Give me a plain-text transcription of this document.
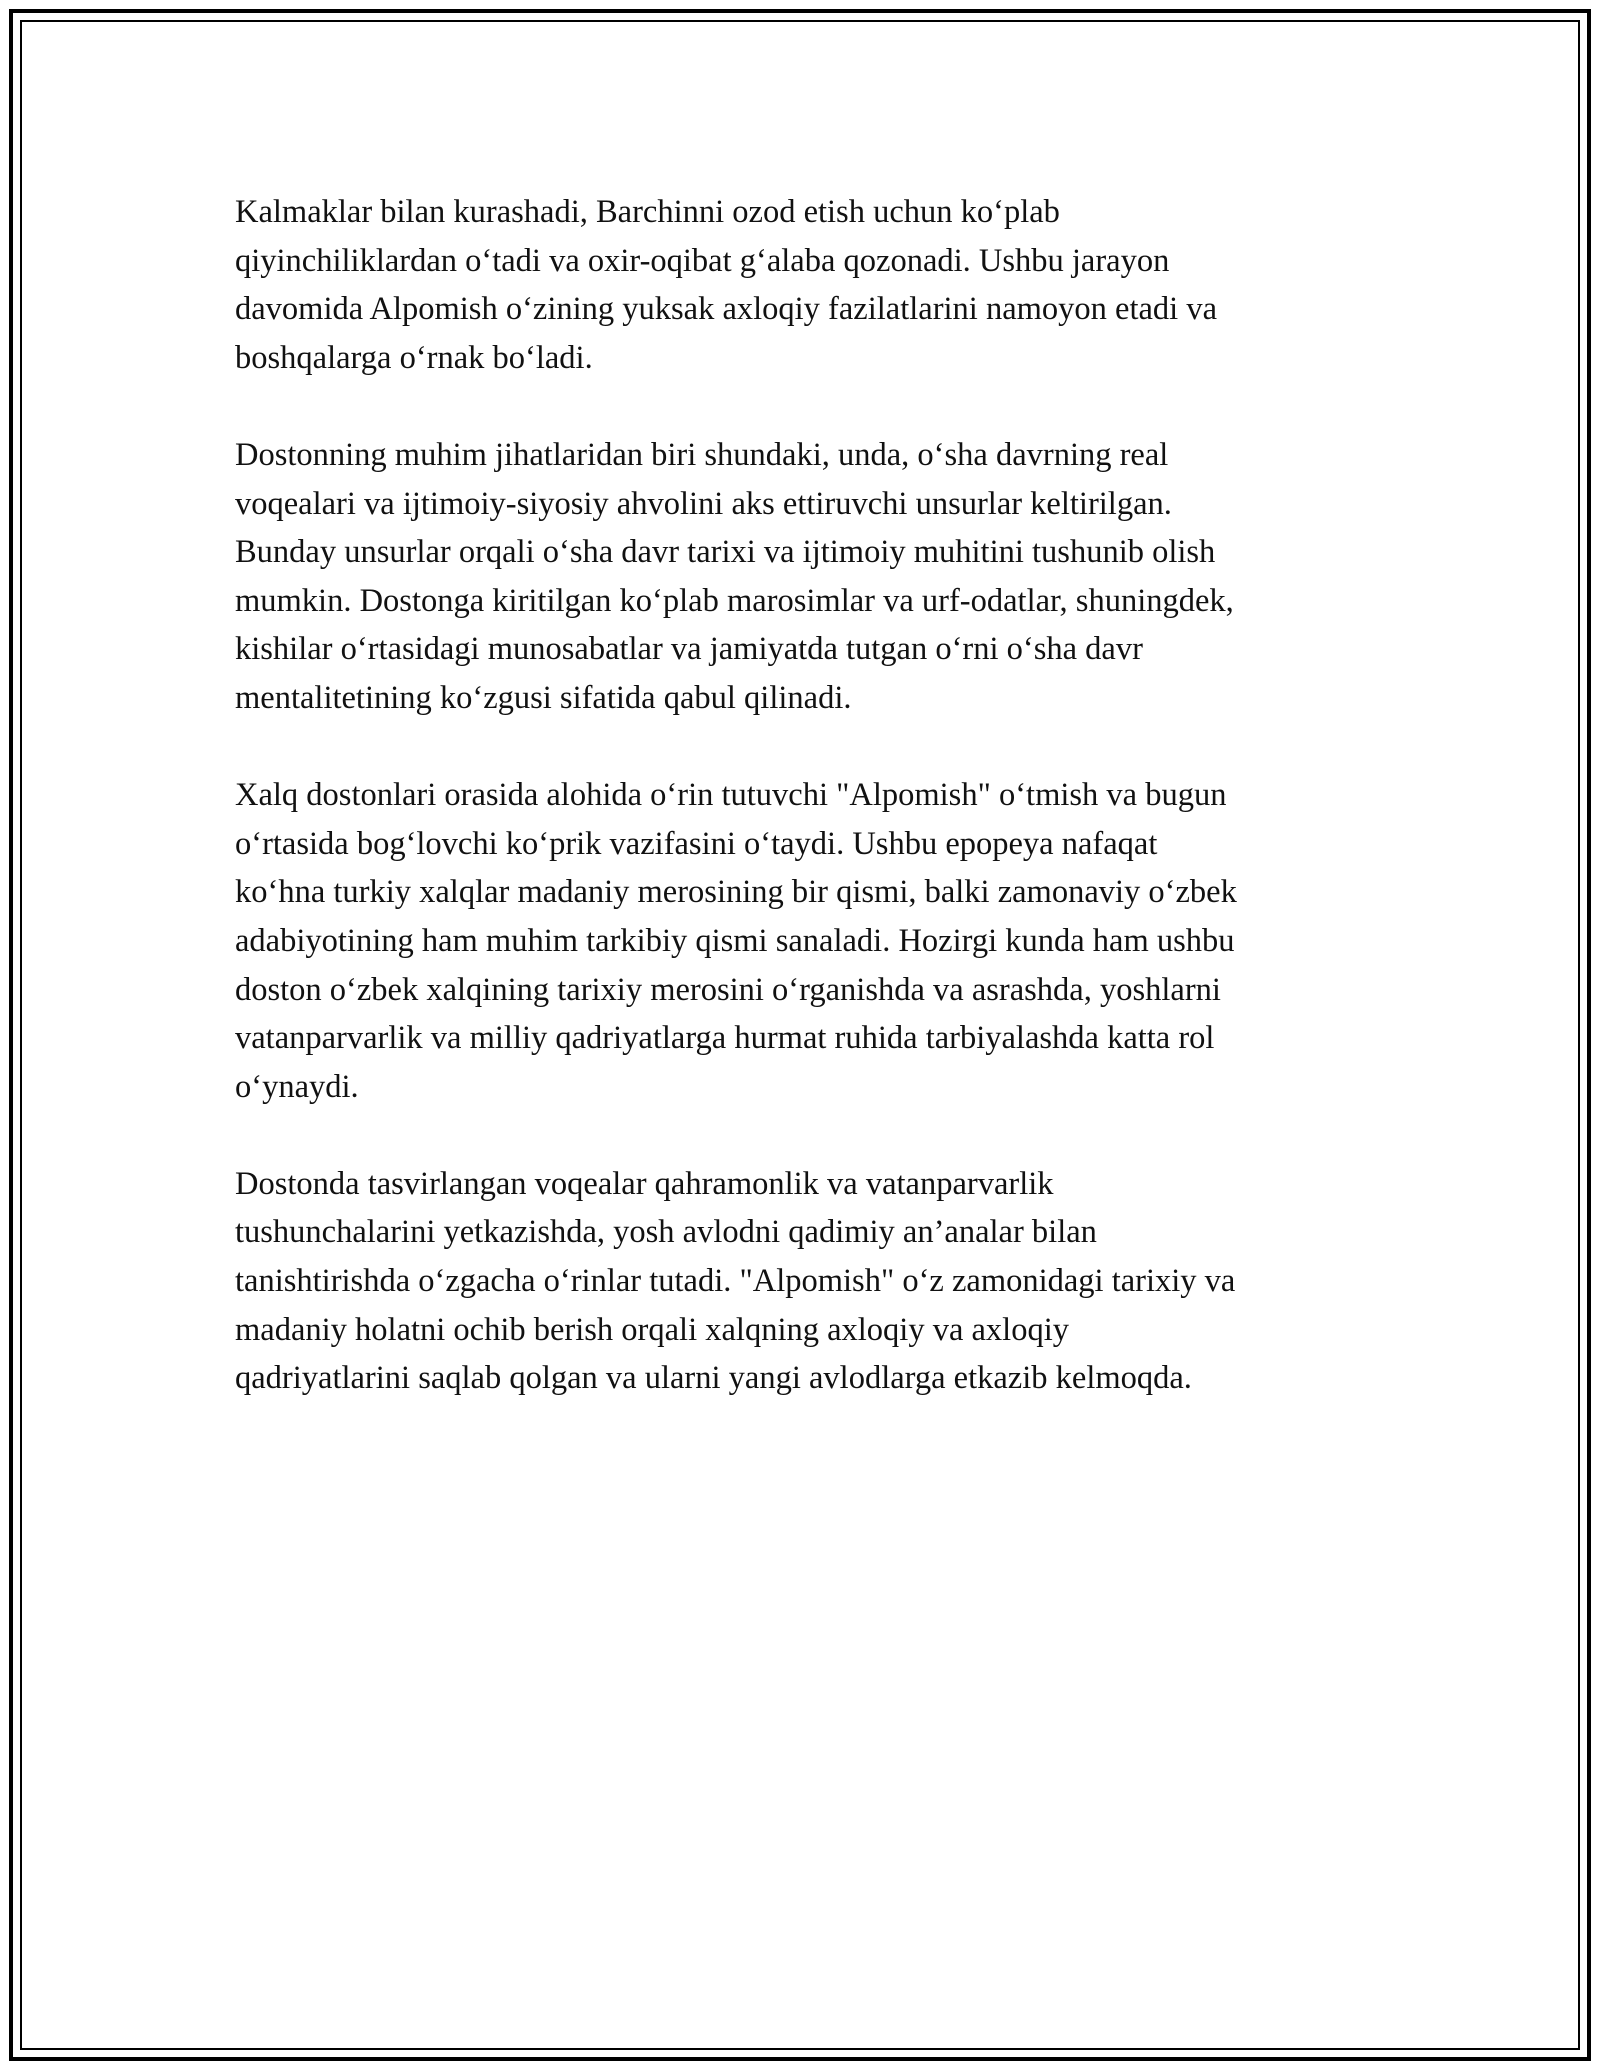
Kalmaklar bilan kurashadi, Barchinni ozod etish uchun koʻplab
qiyinchiliklardan oʻtadi va oxir-oqibat gʻalaba qozonadi. Ushbu jarayon
davomida Alpomish oʻzining yuksak axloqiy fazilatlarini namoyon etadi va
boshqalarga oʻrnak boʻladi.

Dostonning muhim jihatlaridan biri shundaki, unda, oʻsha davrning real
voqealari va ijtimoiy-siyosiy ahvolini aks ettiruvchi unsurlar keltirilgan.
Bunday unsurlar orqali oʻsha davr tarixi va ijtimoiy muhitini tushunib olish
mumkin. Dostonga kiritilgan koʻplab marosimlar va urf-odatlar, shuningdek,
kishilar oʻrtasidagi munosabatlar va jamiyatda tutgan oʻrni oʻsha davr
mentalitetining koʻzgusi sifatida qabul qilinadi.

Xalq dostonlari orasida alohida oʻrin tutuvchi "Alpomish" oʻtmish va bugun
oʻrtasida bogʻlovchi koʻprik vazifasini oʻtaydi. Ushbu epopeya nafaqat
koʻhna turkiy xalqlar madaniy merosining bir qismi, balki zamonaviy oʻzbek
adabiyotining ham muhim tarkibiy qismi sanaladi. Hozirgi kunda ham ushbu
doston oʻzbek xalqining tarixiy merosini oʻrganishda va asrashda, yoshlarni
vatanparvarlik va milliy qadriyatlarga hurmat ruhida tarbiyalashda katta rol
oʻynaydi.

Dostonda tasvirlangan voqealar qahramonlik va vatanparvarlik
tushunchalarini yetkazishda, yosh avlodni qadimiy an’analar bilan
tanishtirishda oʻzgacha oʻrinlar tutadi. "Alpomish" oʻz zamonidagi tarixiy va
madaniy holatni ochib berish orqali xalqning axloqiy va axloqiy
qadriyatlarini saqlab qolgan va ularni yangi avlodlarga etkazib kelmoqda.
